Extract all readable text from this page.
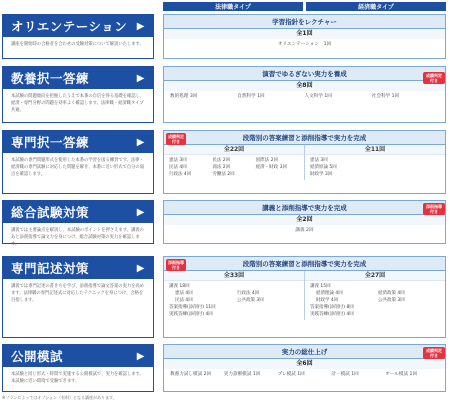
法律職タイプ	経済職タイプ
オリエンテーション ▶
講座を開始時の合格者を合わせの受験対策について解説いたします。
教養択一答練	▶
本試験の問題傾向を把握したうえで本番の自信を得る基礎を確認し、経済・専門分野の問題を効率よく確認します。法律職・経済職タイプ共通。
専門択一答練	▶
本試験の専門問題形式を使用した本番の学習を図る練習です。法律・経済職の専門試験に対応した問題を解き、本番に近い形式で自分の弱点を確認します。
総合試験対策	▶
講義では主要論点を解説し、本試験のポイントを押さえます。講義のあと添削指導で論文力を身につけ、総合試験対策の実力を確認します。
専門記述対策	▶
講義では専門記述の書き方を学び、添削指導で論文答案の実力を高めます。法律職の専門記述式に対応したテクニックを身につけ、合格を目指します。
公開模試	▶
本試験と同じ形式・時間で実施する公開模試で、実力を確認します。本試験に近い環境で受験できます。
学習指針をレクチャー
全1回
オリエンテーション　1回
演習でゆるぎない実力を養成
全8回
数的処理 3回	自然科学 1回	人文科学 1回	社会科学 1回
成績判定付き
段階別の答案練習と添削指導で実力を完成
全22回
憲法 3回	民法 2回	国際法 2回
民法 4回	商法 2回	経済・財政 3回
行政法 4回	労働法 2回
全11回
憲法 3回
経済原論 5回
財政学 3回
成績判定付き
講義と添削指導で実力を完成
全2回
講義 2回
添削指導付き
段階別の答案練習と添削指導で実力を完成
全33回
講義 18回
憲法 4回	行政法 4回
民法 4回	公共政策 3回
答案指導(添削付) 11回
実践答練(添削付) 4回
全27回
講義 15回
経済理論 4回	経済政策 4回
財政学 4回	公共政策 3回
答案指導(添削付) 8回
実践答練(添削付) 4回
添削指導付き
実力の総仕上げ
全6回
教養力試し模試 2回	実力診断模試 1回	プレ模試 1回	計一模試 1回	オール模試 1回
成績判定付き
※プランによってはオプション（有料）となる講座があります。
